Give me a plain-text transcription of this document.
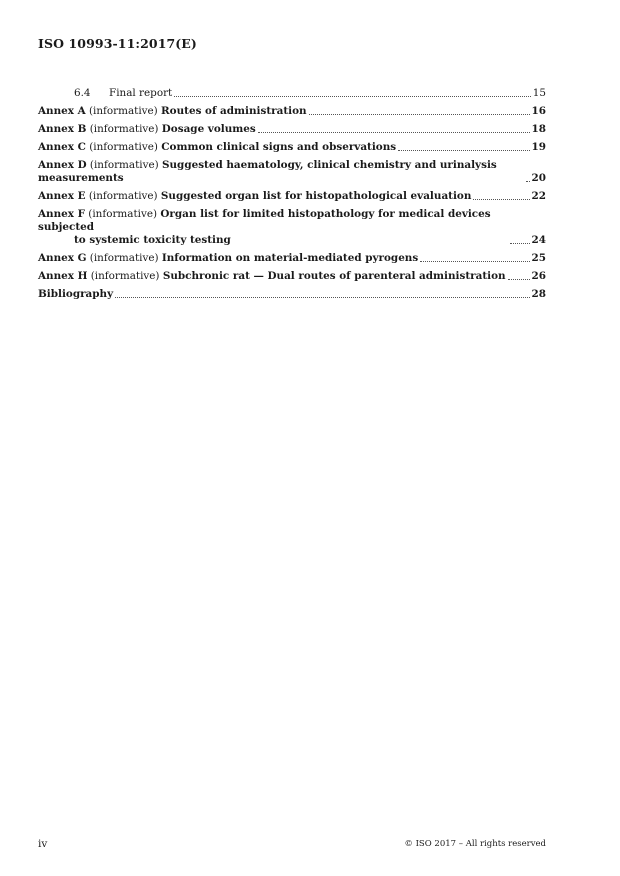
ISO 10993-11:2017(E)
6.4 Final report	15
Annex A (informative) Routes of administration	16
Annex B (informative) Dosage volumes	18
Annex C (informative) Common clinical signs and observations	19
Annex D (informative) Suggested haematology, clinical chemistry and urinalysis measurements	20
Annex E (informative) Suggested organ list for histopathological evaluation	22
Annex F (informative) Organ list for limited histopathology for medical devices subjected
to systemic toxicity testing	24
Annex G (informative) Information on material-mediated pyrogens	25
Annex H (informative) Subchronic rat — Dual routes of parenteral administration 26
Bibliography	28
iv	© ISO 2017 – All rights reserved
